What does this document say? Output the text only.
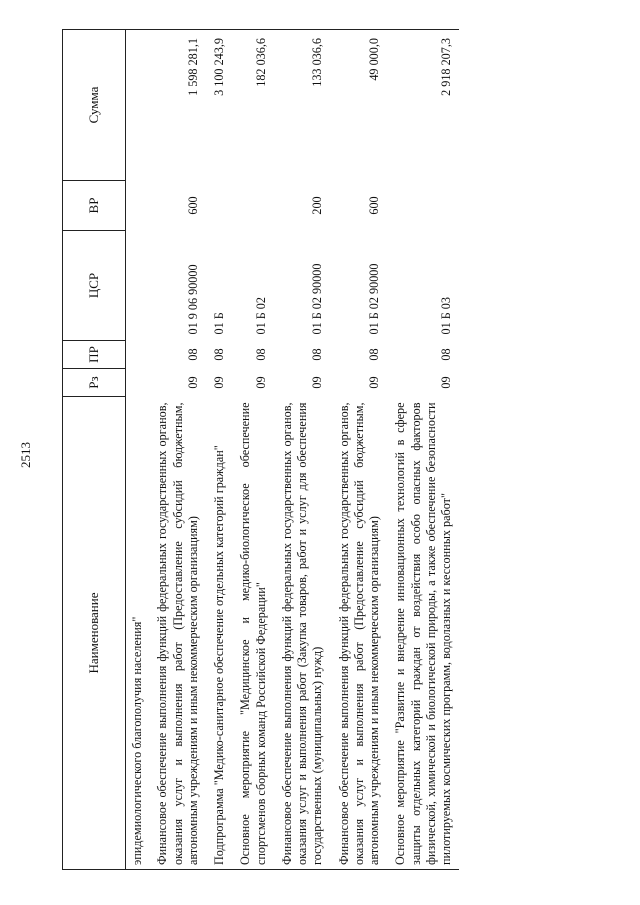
2513
Наименование	Рз	ПР	ЦСР	ВР	Сумма
эпидемиологического благополучия населения"					
Финансовое обеспечение выполнения функций федеральных государственных органов, оказания услуг и выполнения работ (Предоставление субсидий бюджетным, автономным учреждениям и иным некоммерческим организациям)	09	08	01 9 06 90000	600	1 598 281,1
Подпрограмма "Медико-санитарное обеспечение отдельных категорий граждан"	09	08	01 Б		3 100 243,9
Основное мероприятие "Медицинское и медико-биологическое обеспечение спортсменов сборных команд Российской Федерации"	09	08	01 Б 02		182 036,6
Финансовое обеспечение выполнения функций федеральных государственных органов, оказания услуг и выполнения работ (Закупка товаров, работ и услуг для обеспечения государственных (муниципальных) нужд)	09	08	01 Б 02 90000	200	133 036,6
Финансовое обеспечение выполнения функций федеральных государственных органов, оказания услуг и выполнения работ (Предоставление субсидий бюджетным, автономным учреждениям и иным некоммерческим организациям)	09	08	01 Б 02 90000	600	49 000,0
Основное мероприятие "Развитие и внедрение инновационных технологий в сфере защиты отдельных категорий граждан от воздействия особо опасных факторов физической, химической и биологической природы, а также обеспечение безопасности пилотируемых космических программ, водолазных и кессонных работ"	09	08	01 Б 03		2 918 207,3
